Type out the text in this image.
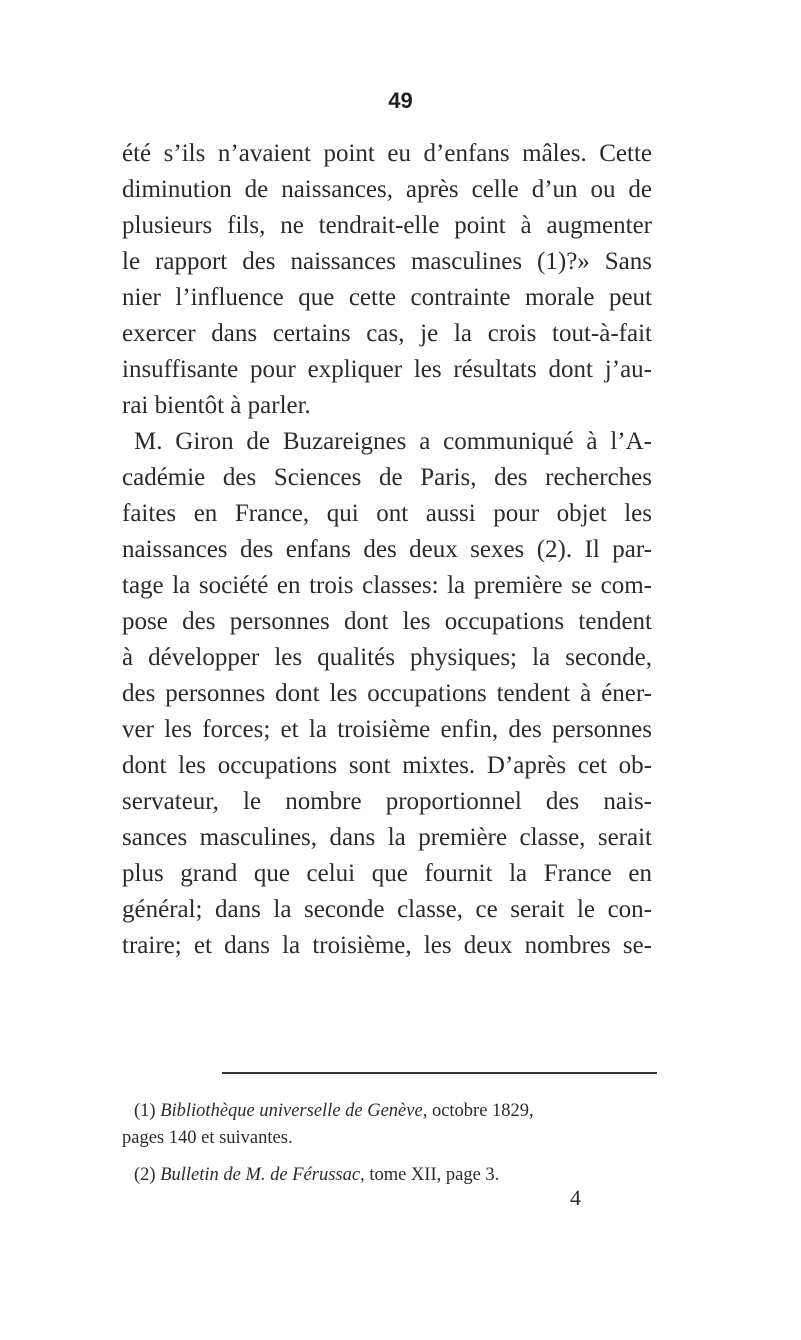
49
été s’ils n’avaient point eu d’enfans mâles. Cette
diminution de naissances, après celle d’un ou de
plusieurs fils, ne tendrait-elle point à augmenter
le rapport des naissances masculines (1)?» Sans
nier l’influence que cette contrainte morale peut
exercer dans certains cas, je la crois tout-à-fait
insuffisante pour expliquer les résultats dont j’au-
rai bientôt à parler.
M. Giron de Buzareignes a communiqué à l’A-
cadémie des Sciences de Paris, des recherches
faites en France, qui ont aussi pour objet les
naissances des enfans des deux sexes (2). Il par-
tage la société en trois classes: la première se com-
pose des personnes dont les occupations tendent
à développer les qualités physiques; la seconde,
des personnes dont les occupations tendent à éner-
ver les forces; et la troisième enfin, des personnes
dont les occupations sont mixtes. D’après cet ob-
servateur, le nombre proportionnel des nais-
sances masculines, dans la première classe, serait
plus grand que celui que fournit la France en
général; dans la seconde classe, ce serait le con-
traire; et dans la troisième, les deux nombres se-
(1) Bibliothèque universelle de Genève, octobre 1829,
pages 140 et suivantes.
(2) Bulletin de M. de Férussac, tome XII, page 3.
4
